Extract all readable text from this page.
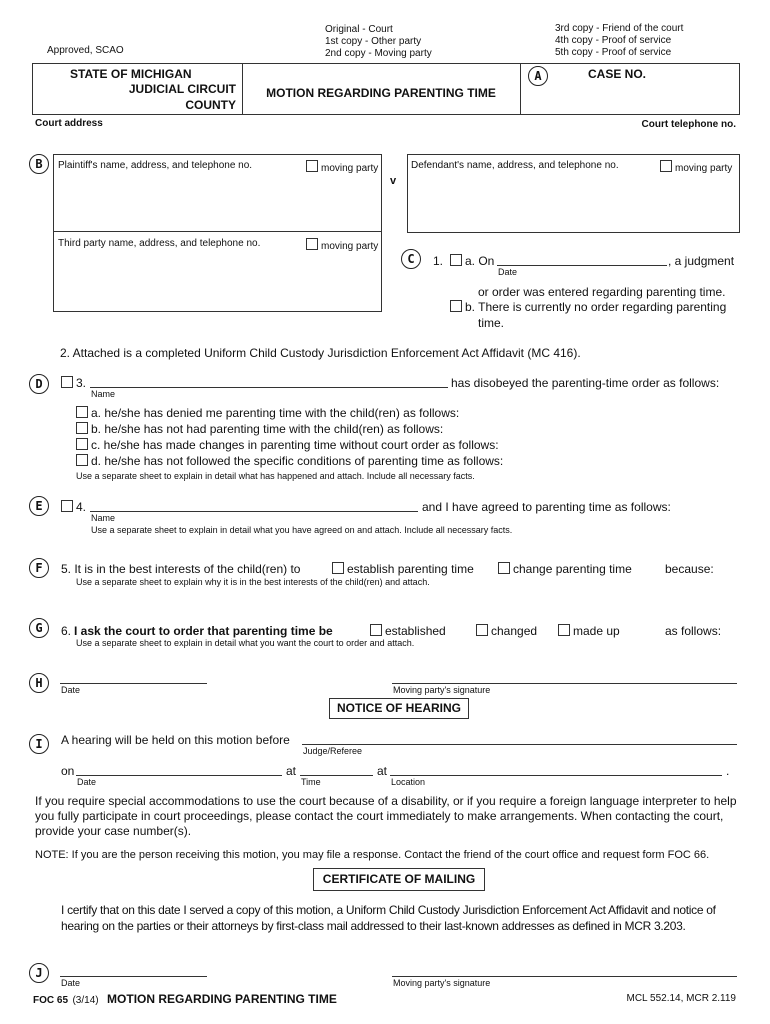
Approved, SCAO
Original - Court
1st copy - Other party
2nd copy - Moving party
3rd copy - Friend of the court
4th copy - Proof of service
5th copy - Proof of service
STATE OF MICHIGAN
JUDICIAL CIRCUIT
COUNTY
MOTION REGARDING PARENTING TIME
A	CASE NO.
Court address	Court telephone no.
B	Plaintiff's name, address, and telephone no.	moving party
Third party name, address, and telephone no.	moving party
v
Defendant's name, address, and telephone no.	moving party
C	1.	a. On
Date
, a judgment
or order was entered regarding parenting time.
b. There is currently no order regarding parenting
time.
2. Attached is a completed Uniform Child Custody Jurisdiction Enforcement Act Affidavit (MC 416).
D	3.
Name
has disobeyed the parenting-time order as follows:
a. he/she has denied me parenting time with the child(ren) as follows:
b. he/she has not had parenting time with the child(ren) as follows:
c. he/she has made changes in parenting time without court order as follows:
d. he/she has not followed the specific conditions of parenting time as follows:
Use a separate sheet to explain in detail what has happened and attach. Include all necessary facts.
E	4.
Name
and I have agreed to parenting time as follows:
Use a separate sheet to explain in detail what you have agreed on and attach. Include all necessary facts.
F	5. It is in the best interests of the child(ren) to	establish parenting time	change parenting time	because:
Use a separate sheet to explain why it is in the best interests of the child(ren) and attach.
G	6. I ask the court to order that parenting time be	established	changed	made up	as follows:
Use a separate sheet to explain in detail what you want the court to order and attach.
H	Date	Moving party's signature
NOTICE OF HEARING
I	A hearing will be held on this motion before
Judge/Referee
on
Date
at
Time
at
Location
.
If you require special accommodations to use the court because of a disability, or if you require a foreign language interpreter to help you fully participate in court proceedings, please contact the court immediately to make arrangements. When contacting the court, provide your case number(s).
NOTE: If you are the person receiving this motion, you may file a response. Contact the friend of the court office and request form FOC 66.
CERTIFICATE OF MAILING
I certify that on this date I served a copy of this motion, a Uniform Child Custody Jurisdiction Enforcement Act Affidavit and notice of hearing on the parties or their attorneys by first-class mail addressed to their last-known addresses as defined in MCR 3.203.
J
Date	Moving party's signature
FOC 65 (3/14) MOTION REGARDING PARENTING TIME	MCL 552.14, MCR 2.119
